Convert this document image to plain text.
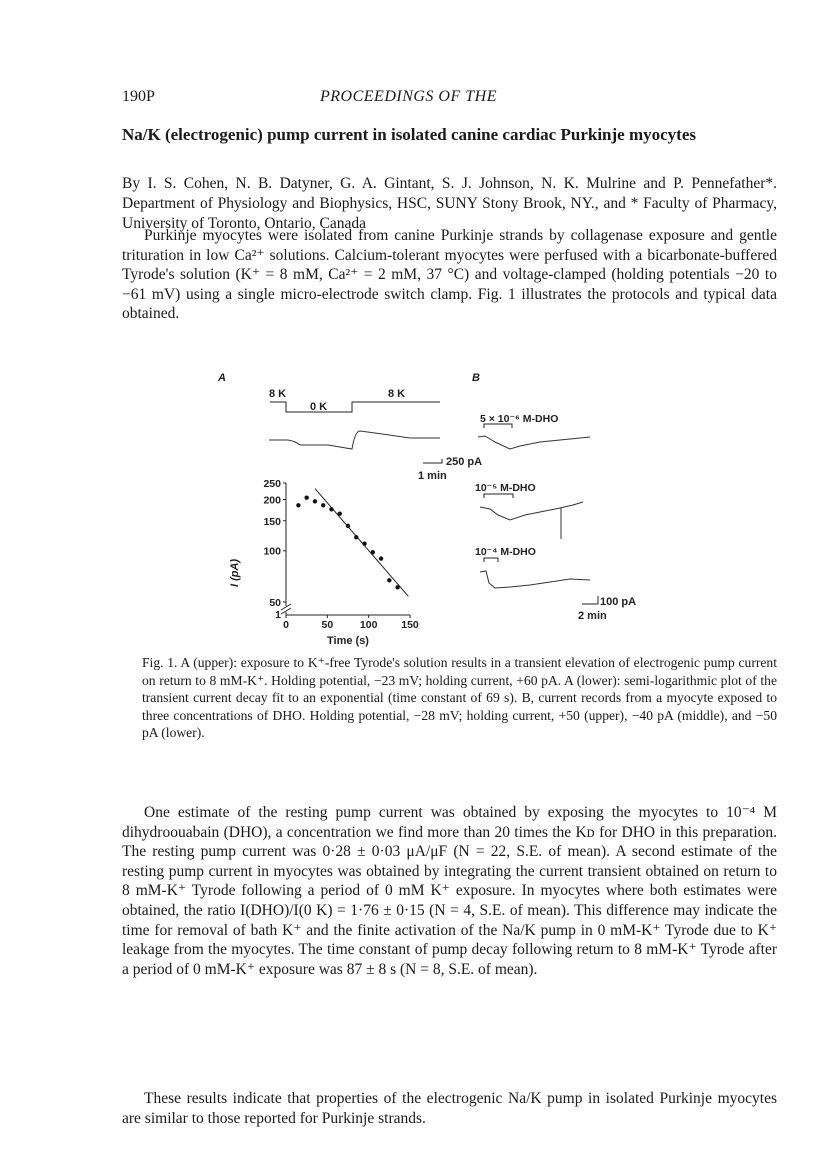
190P	PROCEEDINGS OF THE
Na/K (electrogenic) pump current in isolated canine cardiac Purkinje myocytes
By I. S. Cohen, N. B. Datyner, G. A. Gintant, S. J. Johnson, N. K. Mulrine and P. Pennefather*. Department of Physiology and Biophysics, HSC, SUNY Stony Brook, NY., and * Faculty of Pharmacy, University of Toronto, Ontario, Canada
Purkinje myocytes were isolated from canine Purkinje strands by collagenase exposure and gentle trituration in low Ca²⁺ solutions. Calcium-tolerant myocytes were perfused with a bicarbonate-buffered Tyrode's solution (K⁺ = 8 mM, Ca²⁺ = 2 mM, 37 °C) and voltage-clamped (holding potentials −20 to −61 mV) using a single micro-electrode switch clamp. Fig. 1 illustrates the protocols and typical data obtained.
A	B
8 K
0 K
8 K
250 pA
1 min
5 × 10⁻⁶ M-DHO
10⁻⁵ M-DHO
10⁻⁴ M-DHO
100 pA
2 min
I (pA)
Time (s)
250
200
150
100
50
1
0	50	100 150
Fig. 1. A (upper): exposure to K⁺-free Tyrode's solution results in a transient elevation of electrogenic pump current on return to 8 mM-K⁺. Holding potential, −23 mV; holding current, +60 pA. A (lower): semi-logarithmic plot of the transient current decay fit to an exponential (time constant of 69 s). B, current records from a myocyte exposed to three concentrations of DHO. Holding potential, −28 mV; holding current, +50 (upper), −40 pA (middle), and −50 pA (lower).
One estimate of the resting pump current was obtained by exposing the myocytes to 10⁻⁴ M dihydroouabain (DHO), a concentration we find more than 20 times the Kᴅ for DHO in this preparation. The resting pump current was 0·28 ± 0·03 μA/μF (N = 22, S.E. of mean). A second estimate of the resting pump current in myocytes was obtained by integrating the current transient obtained on return to 8 mM-K⁺ Tyrode following a period of 0 mM K⁺ exposure. In myocytes where both estimates were obtained, the ratio I(DHO)/I(0 K) = 1·76 ± 0·15 (N = 4, S.E. of mean). This difference may indicate the time for removal of bath K⁺ and the finite activation of the Na/K pump in 0 mM-K⁺ Tyrode due to K⁺ leakage from the myocytes. The time constant of pump decay following return to 8 mM-K⁺ Tyrode after a period of 0 mM-K⁺ exposure was 87 ± 8 s (N = 8, S.E. of mean).
These results indicate that properties of the electrogenic Na/K pump in isolated Purkinje myocytes are similar to those reported for Purkinje strands.
